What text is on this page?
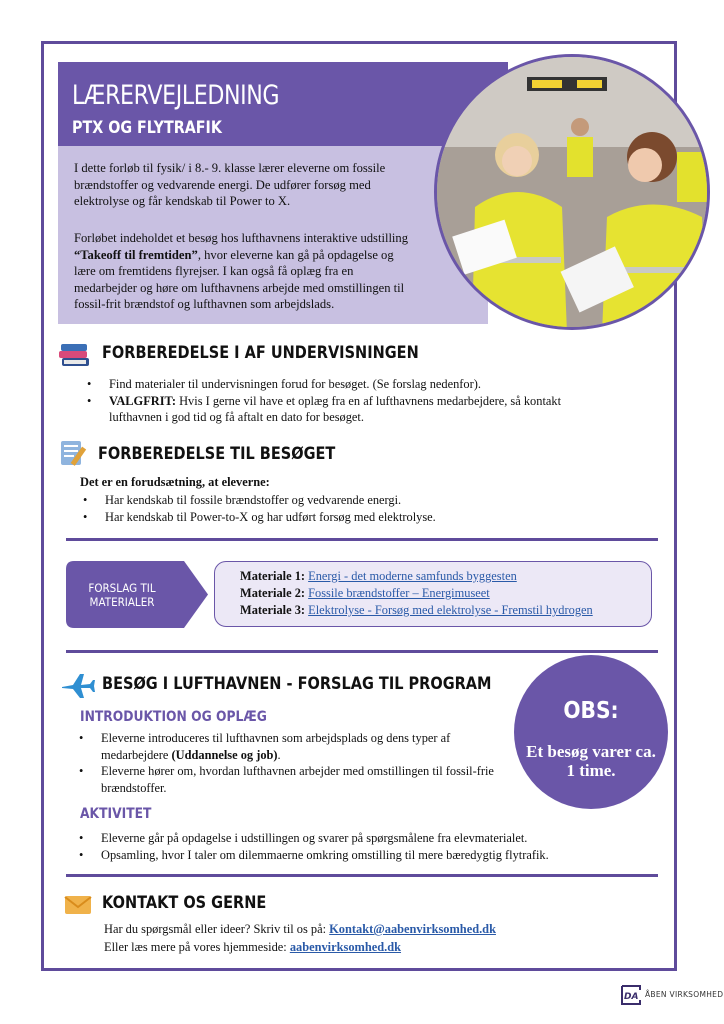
LÆRERVEJLEDNING
PTX OG FLYTRAFIK

I dette forløb til fysik/ i 8.- 9. klasse lærer eleverne om fossile brændstoffer og vedvarende energi. De udfører forsøg med elektrolyse og får kendskab til Power to X.

Forløbet indeholdet et besøg hos lufthavnens interaktive udstilling “Takeoff til fremtiden”, hvor eleverne kan gå på opdagelse og lære om fremtidens flyrejser. I kan også få oplæg fra en medarbejder og høre om lufthavnens arbejde med omstillingen til fossil-frit brændstof og lufthavnen som arbejdslads.

FORBEREDELSE I AF UNDERVISNINGEN
• Find materialer til undervisningen forud for besøget. (Se forslag nedenfor).
• VALGFRIT: Hvis I gerne vil have et oplæg fra en af lufthavnens medarbejdere, så kontakt lufthavnen i god tid og få aftalt en dato for besøget.
FORBEREDELSE TIL BESØGET
Det er en forudsætning, at eleverne:
• Har kendskab til fossile brændstoffer og vedvarende energi.
• Har kendskab til Power-to-X og har udført forsøg med elektrolyse.
FORSLAG TIL MATERIALER
Materiale 1: Energi - det moderne samfunds byggesten
Materiale 2: Fossile brændstoffer – Energimuseet
Materiale 3: Elektrolyse - Forsøg med elektrolyse - Fremstil hydrogen
BESØG I LUFTHAVNEN - FORSLAG TIL PROGRAM
INTRODUKTION OG OPLÆG
• Eleverne introduceres til lufthavnen som arbejdsplads og dens typer af medarbejdere (Uddannelse og job).
• Eleverne hører om, hvordan lufthavnen arbejder med omstillingen til fossil-frie brændstoffer.
AKTIVITET
• Eleverne går på opdagelse i udstillingen og svarer på spørgsmålene fra elevmaterialet.
• Opsamling, hvor I taler om dilemmaerne omkring omstilling til mere bæredygtig flytrafik.
OBS:
Et besøg varer ca. 1 time.
KONTAKT OS GERNE
Har du spørgsmål eller ideer? Skriv til os på: Kontakt@aabenvirksomhed.dk
Eller læs mere på vores hjemmeside: aabenvirksomhed.dk
DA ÅBEN VIRKSOMHED
